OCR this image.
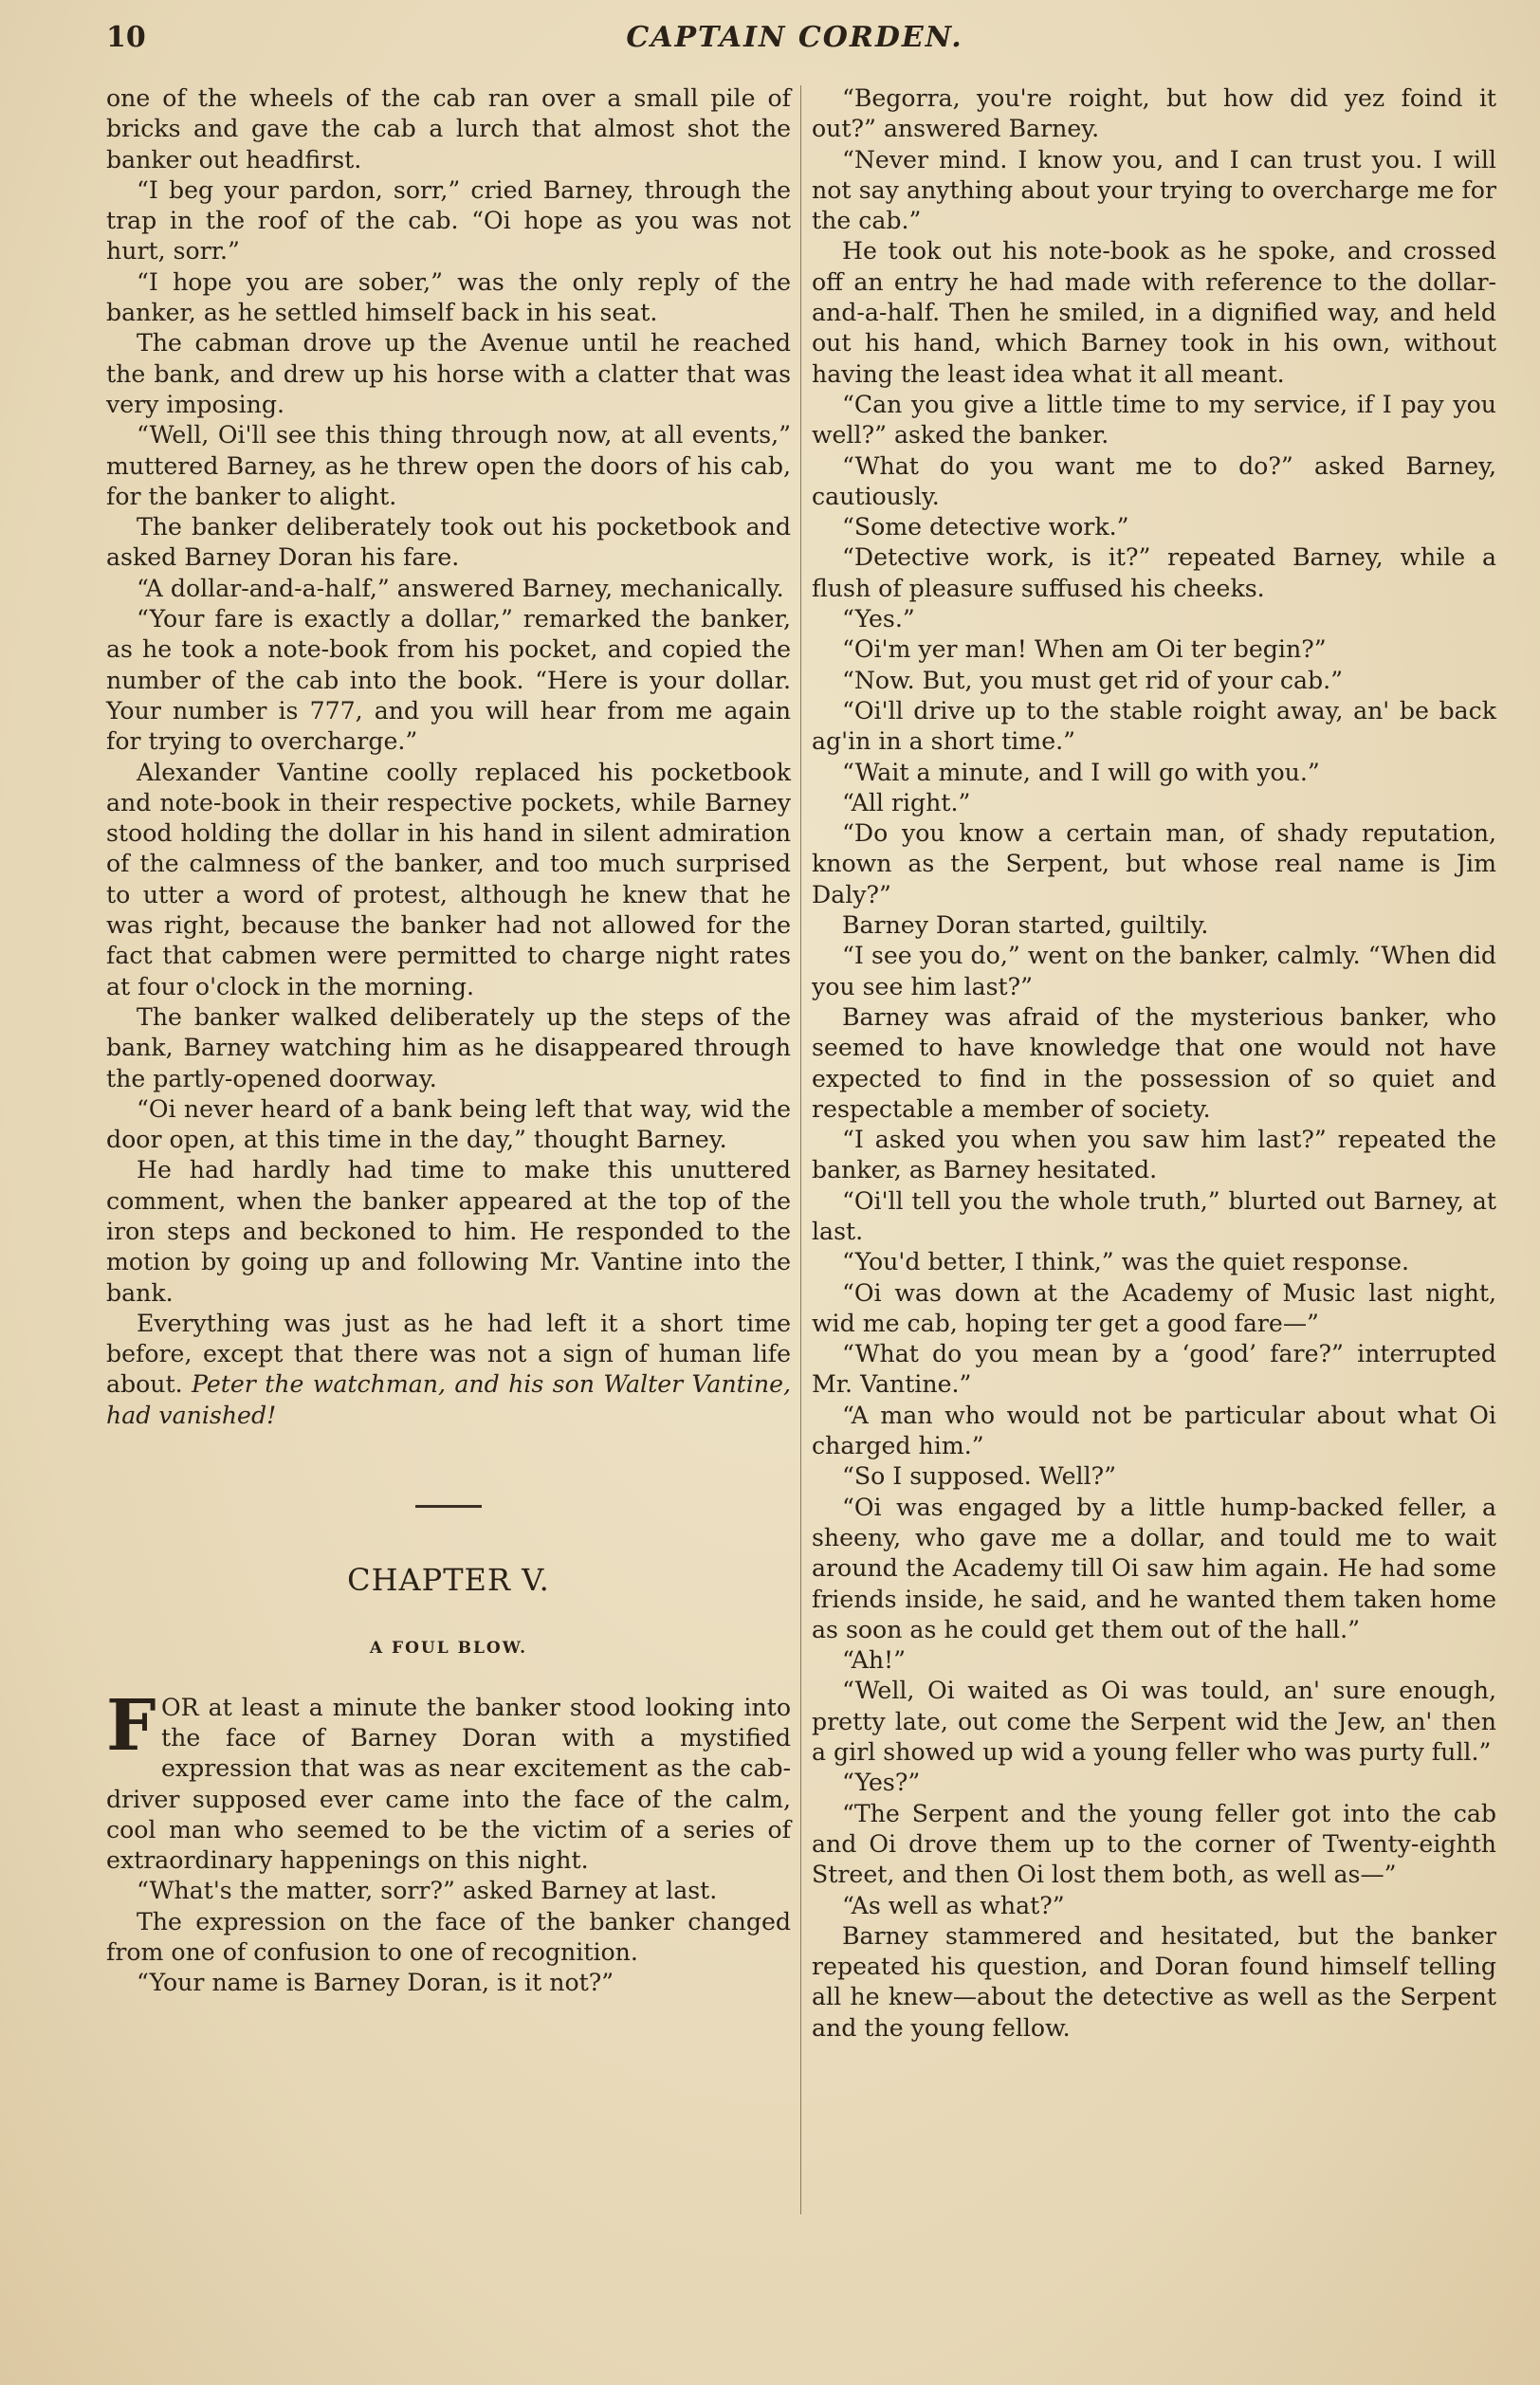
10	CAPTAIN CORDEN.

one of the wheels of the cab ran over a small pile of bricks and gave the cab a lurch that almost shot the banker out headfirst.

“I beg your pardon, sorr,” cried Barney, through the trap in the roof of the cab. “Oi hope as you was not hurt, sorr.”

“I hope you are sober,” was the only reply of the banker, as he settled himself back in his seat.

The cabman drove up the Avenue until he reached the bank, and drew up his horse with a clatter that was very imposing.

“Well, Oi'll see this thing through now, at all events,” muttered Barney, as he threw open the doors of his cab, for the banker to alight.

The banker deliberately took out his pocketbook and asked Barney Doran his fare.

“A dollar-and-a-half,” answered Barney, mechanically.

“Your fare is exactly a dollar,” remarked the banker, as he took a note-book from his pocket, and copied the number of the cab into the book. “Here is your dollar. Your number is 777, and you will hear from me again for trying to overcharge.”

Alexander Vantine coolly replaced his pocketbook and note-book in their respective pockets, while Barney stood holding the dollar in his hand in silent admiration of the calmness of the banker, and too much surprised to utter a word of protest, although he knew that he was right, because the banker had not allowed for the fact that cabmen were permitted to charge night rates at four o'clock in the morning.

The banker walked deliberately up the steps of the bank, Barney watching him as he disappeared through the partly-opened doorway.

“Oi never heard of a bank being left that way, wid the door open, at this time in the day,” thought Barney.

He had hardly had time to make this unuttered comment, when the banker appeared at the top of the iron steps and beckoned to him. He responded to the motion by going up and following Mr. Vantine into the bank.

Everything was just as he had left it a short time before, except that there was not a sign of human life about. Peter the watchman, and his son Walter Vantine, had vanished!

CHAPTER V.
A FOUL BLOW.

F OR at least a minute the banker stood looking into the face of Barney Doran with a mystified expression that was as near excitement as the cab-driver supposed ever came into the face of the calm, cool man who seemed to be the victim of a series of extraordinary happenings on this night.

“What's the matter, sorr?” asked Barney at last.

The expression on the face of the banker changed from one of confusion to one of recognition.

“Your name is Barney Doran, is it not?”

“Begorra, you're roight, but how did yez foind it out?” answered Barney.

“Never mind. I know you, and I can trust you. I will not say anything about your trying to overcharge me for the cab.”

He took out his note-book as he spoke, and crossed off an entry he had made with reference to the dollar-and-a-half. Then he smiled, in a dignified way, and held out his hand, which Barney took in his own, without having the least idea what it all meant.

“Can you give a little time to my service, if I pay you well?” asked the banker.

“What do you want me to do?” asked Barney, cautiously.

“Some detective work.”

“Detective work, is it?” repeated Barney, while a flush of pleasure suffused his cheeks.

“Yes.”

“Oi'm yer man! When am Oi ter begin?”

“Now. But, you must get rid of your cab.”

“Oi'll drive up to the stable roight away, an' be back ag'in in a short time.”

“Wait a minute, and I will go with you.”

“All right.”

“Do you know a certain man, of shady reputation, known as the Serpent, but whose real name is Jim Daly?”

Barney Doran started, guiltily.

“I see you do,” went on the banker, calmly. “When did you see him last?”

Barney was afraid of the mysterious banker, who seemed to have knowledge that one would not have expected to find in the possession of so quiet and respectable a member of society.

“I asked you when you saw him last?” repeated the banker, as Barney hesitated.

“Oi'll tell you the whole truth,” blurted out Barney, at last.

“You'd better, I think,” was the quiet response.

“Oi was down at the Academy of Music last night, wid me cab, hoping ter get a good fare—”

“What do you mean by a ‘good’ fare?” interrupted Mr. Vantine.”

“A man who would not be particular about what Oi charged him.”

“So I supposed. Well?”

“Oi was engaged by a little hump-backed feller, a sheeny, who gave me a dollar, and tould me to wait around the Academy till Oi saw him again. He had some friends inside, he said, and he wanted them taken home as soon as he could get them out of the hall.”

“Ah!”

“Well, Oi waited as Oi was tould, an' sure enough, pretty late, out come the Serpent wid the Jew, an' then a girl showed up wid a young feller who was purty full.”

“Yes?”

“The Serpent and the young feller got into the cab and Oi drove them up to the corner of Twenty-eighth Street, and then Oi lost them both, as well as—”

“As well as what?”

Barney stammered and hesitated, but the banker repeated his question, and Doran found himself telling all he knew—about the detective as well as the Serpent and the young fellow.
